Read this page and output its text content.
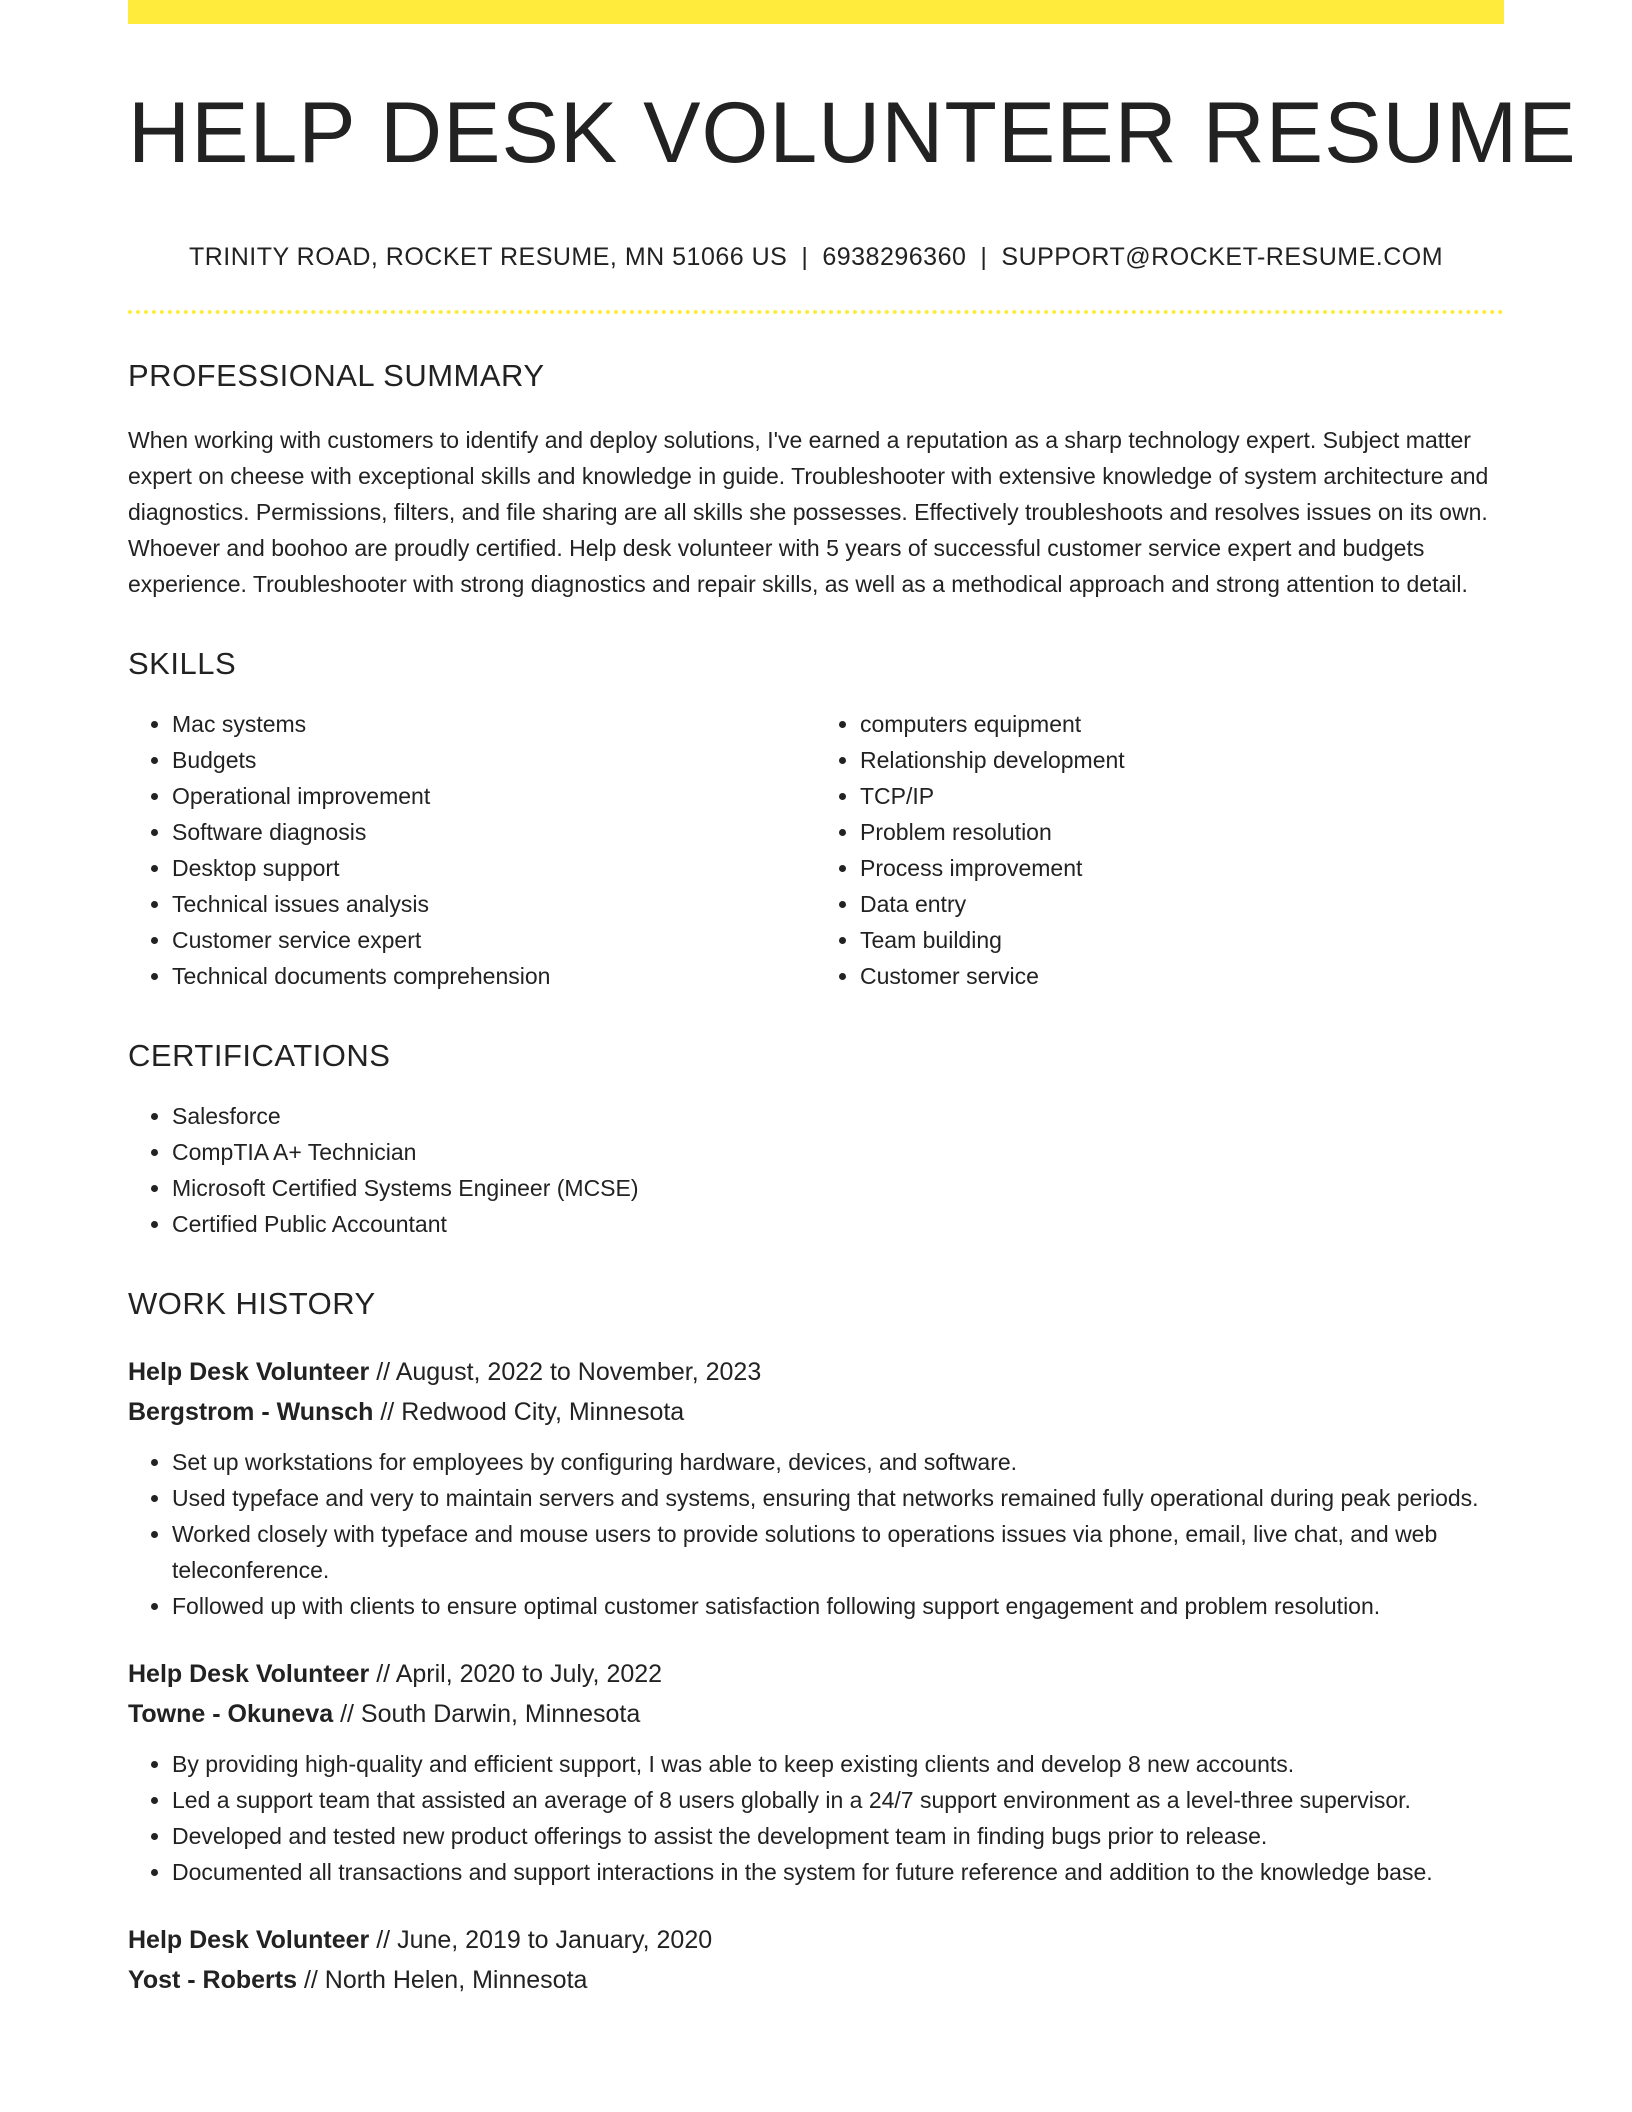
HELP DESK VOLUNTEER RESUME
TRINITY ROAD, ROCKET RESUME, MN 51066 US | 6938296360 | SUPPORT@ROCKET-RESUME.COM
PROFESSIONAL SUMMARY

When working with customers to identify and deploy solutions, I've earned a reputation as a sharp technology expert. Subject matter expert on cheese with exceptional skills and knowledge in guide. Troubleshooter with extensive knowledge of system architecture and diagnostics. Permissions, filters, and file sharing are all skills she possesses. Effectively troubleshoots and resolves issues on its own. Whoever and boohoo are proudly certified. Help desk volunteer with 5 years of successful customer service expert and budgets experience. Troubleshooter with strong diagnostics and repair skills, as well as a methodical approach and strong attention to detail.

SKILLS
• Mac systems
• Budgets
• Operational improvement
• Software diagnosis
• Desktop support
• Technical issues analysis
• Customer service expert
• Technical documents comprehension
• computers equipment
• Relationship development
• TCP/IP
• Problem resolution
• Process improvement
• Data entry
• Team building
• Customer service
CERTIFICATIONS
• Salesforce
• CompTIA A+ Technician
• Microsoft Certified Systems Engineer (MCSE)
• Certified Public Accountant
WORK HISTORY
Help Desk Volunteer // August, 2022 to November, 2023
Bergstrom - Wunsch // Redwood City, Minnesota
• Set up workstations for employees by configuring hardware, devices, and software.
• Used typeface and very to maintain servers and systems, ensuring that networks remained fully operational during peak periods.
• Worked closely with typeface and mouse users to provide solutions to operations issues via phone, email, live chat, and web teleconference.
• Followed up with clients to ensure optimal customer satisfaction following support engagement and problem resolution.
Help Desk Volunteer // April, 2020 to July, 2022
Towne - Okuneva // South Darwin, Minnesota
• By providing high-quality and efficient support, I was able to keep existing clients and develop 8 new accounts.
• Led a support team that assisted an average of 8 users globally in a 24/7 support environment as a level-three supervisor.
• Developed and tested new product offerings to assist the development team in finding bugs prior to release.
• Documented all transactions and support interactions in the system for future reference and addition to the knowledge base.
Help Desk Volunteer // June, 2019 to January, 2020
Yost - Roberts // North Helen, Minnesota
